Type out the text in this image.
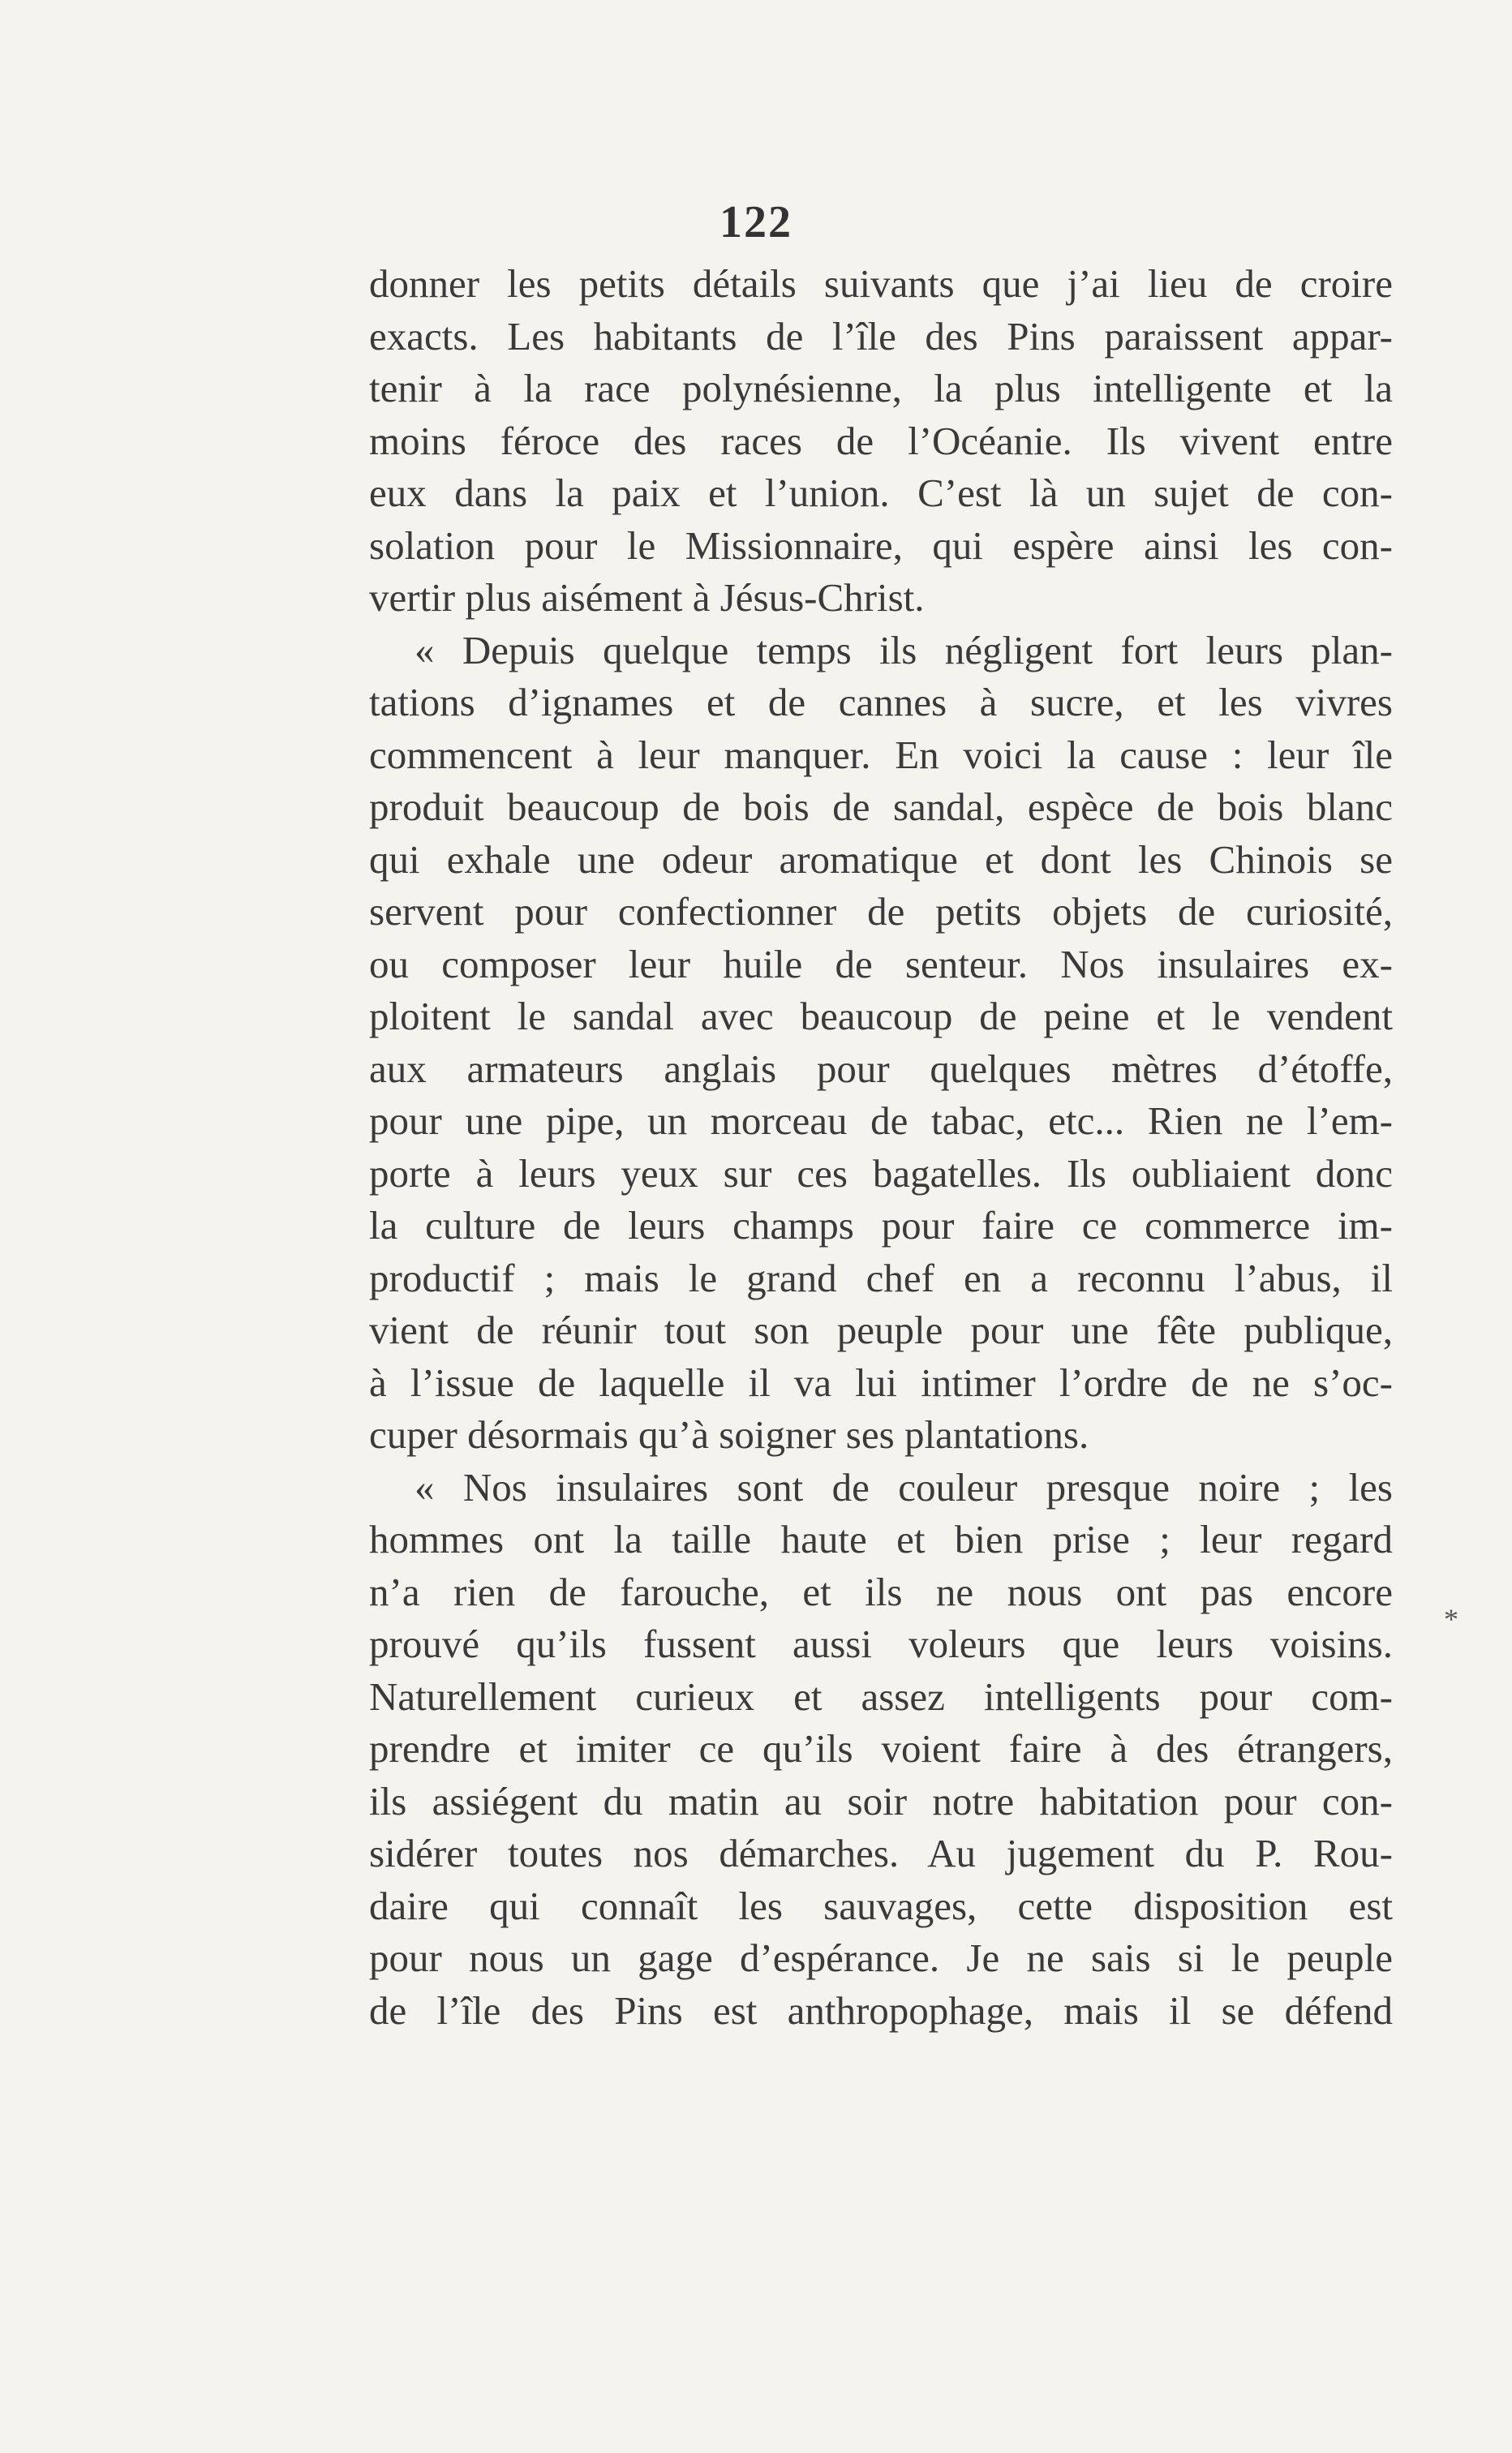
122
donner les petits détails suivants que j’ai lieu de croire
exacts. Les habitants de l’île des Pins paraissent appar-
tenir à la race polynésienne, la plus intelligente et la
moins féroce des races de l’Océanie. Ils vivent entre
eux dans la paix et l’union. C’est là un sujet de con-
solation pour le Missionnaire, qui espère ainsi les con-
vertir plus aisément à Jésus-Christ.
« Depuis quelque temps ils négligent fort leurs plan-
tations d’ignames et de cannes à sucre, et les vivres
commencent à leur manquer. En voici la cause : leur île
produit beaucoup de bois de sandal, espèce de bois blanc
qui exhale une odeur aromatique et dont les Chinois se
servent pour confectionner de petits objets de curiosité,
ou composer leur huile de senteur. Nos insulaires ex-
ploitent le sandal avec beaucoup de peine et le vendent
aux armateurs anglais pour quelques mètres d’étoffe,
pour une pipe, un morceau de tabac, etc... Rien ne l’em-
porte à leurs yeux sur ces bagatelles. Ils oubliaient donc
la culture de leurs champs pour faire ce commerce im-
productif ; mais le grand chef en a reconnu l’abus, il
vient de réunir tout son peuple pour une fête publique,
à l’issue de laquelle il va lui intimer l’ordre de ne s’oc-
cuper désormais qu’à soigner ses plantations.
« Nos insulaires sont de couleur presque noire ; les
hommes ont la taille haute et bien prise ; leur regard
n’a rien de farouche, et ils ne nous ont pas encore
prouvé qu’ils fussent aussi voleurs que leurs voisins.
Naturellement curieux et assez intelligents pour com-
prendre et imiter ce qu’ils voient faire à des étrangers,
ils assiégent du matin au soir notre habitation pour con-
sidérer toutes nos démarches. Au jugement du P. Rou-
daire qui connaît les sauvages, cette disposition est
pour nous un gage d’espérance. Je ne sais si le peuple
de l’île des Pins est anthropophage, mais il se défend
*
